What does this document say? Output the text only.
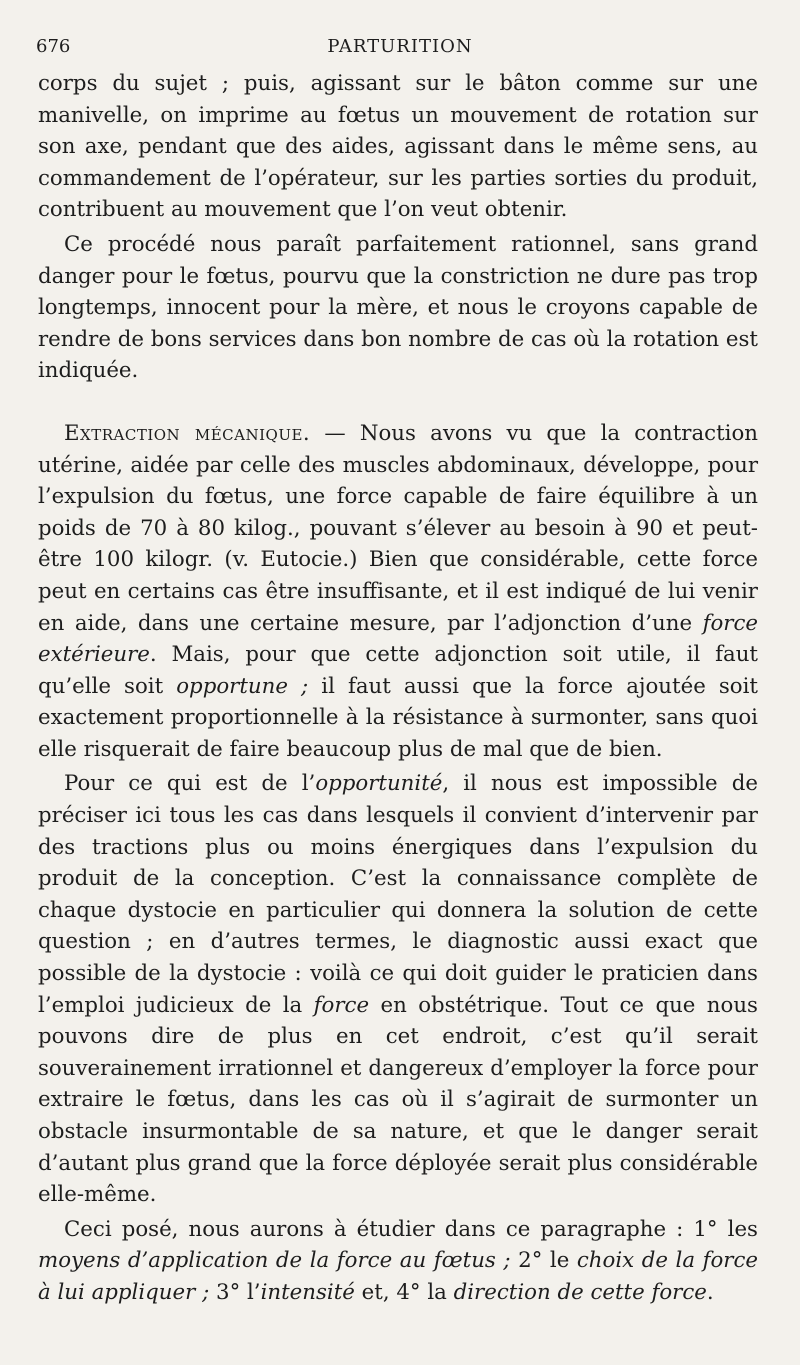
676	PARTURITION

corps du sujet ; puis, agissant sur le bâton comme sur une manivelle, on imprime au fœtus un mouvement de rotation sur son axe, pendant que des aides, agissant dans le même sens, au commandement de l’opérateur, sur les parties sorties du produit, contribuent au mouvement que l’on veut obtenir.

Ce procédé nous paraît parfaitement rationnel, sans grand danger pour le fœtus, pourvu que la constriction ne dure pas trop longtemps, innocent pour la mère, et nous le croyons capable de rendre de bons services dans bon nombre de cas où la rotation est indiquée.

Extraction mécanique. — Nous avons vu que la contraction utérine, aidée par celle des muscles abdominaux, développe, pour l’expulsion du fœtus, une force capable de faire équilibre à un poids de 70 à 80 kilog., pouvant s’élever au besoin à 90 et peut-être 100 kilogr. (v. Eutocie.) Bien que considérable, cette force peut en certains cas être insuffisante, et il est indiqué de lui venir en aide, dans une certaine mesure, par l’adjonction d’une force extérieure. Mais, pour que cette adjonction soit utile, il faut qu’elle soit opportune ; il faut aussi que la force ajoutée soit exactement proportionnelle à la résistance à surmonter, sans quoi elle risquerait de faire beaucoup plus de mal que de bien.

Pour ce qui est de l’opportunité, il nous est impossible de préciser ici tous les cas dans lesquels il convient d’intervenir par des tractions plus ou moins énergiques dans l’expulsion du produit de la conception. C’est la connaissance complète de chaque dystocie en particulier qui donnera la solution de cette question ; en d’autres termes, le diagnostic aussi exact que possible de la dystocie : voilà ce qui doit guider le praticien dans l’emploi judicieux de la force en obstétrique. Tout ce que nous pouvons dire de plus en cet endroit, c’est qu’il serait souverainement irrationnel et dangereux d’employer la force pour extraire le fœtus, dans les cas où il s’agirait de surmonter un obstacle insurmontable de sa nature, et que le danger serait d’autant plus grand que la force déployée serait plus considérable elle-même.

Ceci posé, nous aurons à étudier dans ce paragraphe : 1° les moyens d’application de la force au fœtus ; 2° le choix de la force à lui appliquer ; 3° l’intensité et, 4° la direction de cette force.
